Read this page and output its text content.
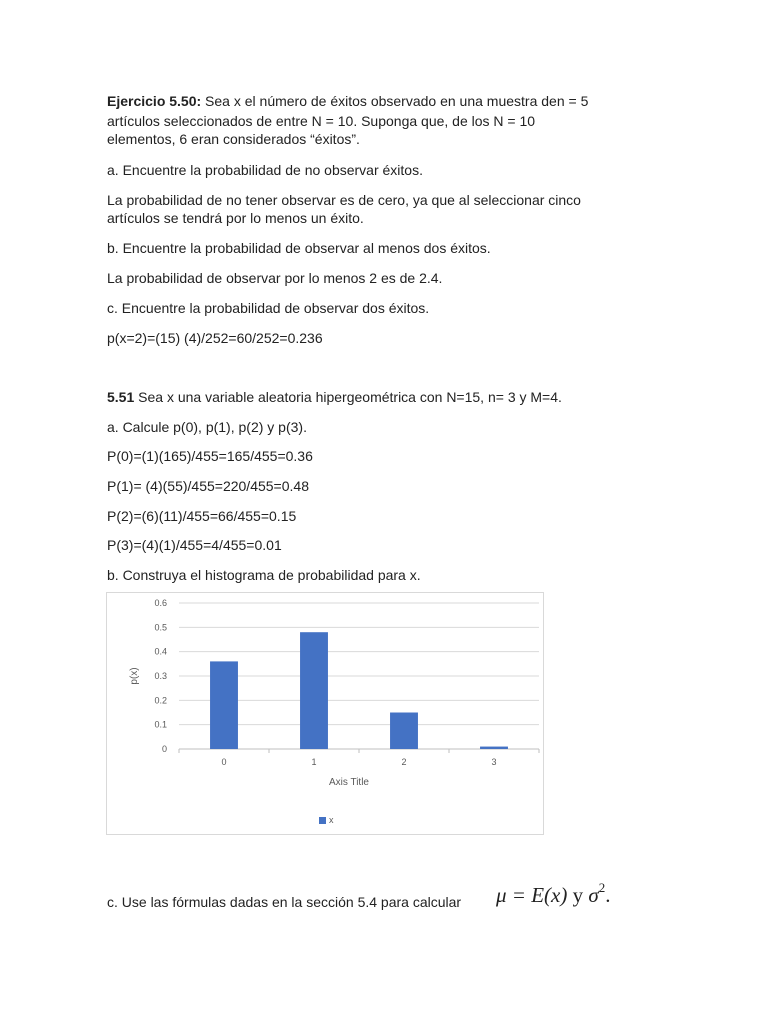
Ejercicio 5.50: Sea x el número de éxitos observado en una muestra den = 5

artículos seleccionados de entre N = 10. Suponga que, de los N = 10

elementos, 6 eran considerados “éxitos”.

a. Encuentre la probabilidad de no observar éxitos.

La probabilidad de no tener observar es de cero, ya que al seleccionar cinco

artículos se tendrá por lo menos un éxito.

b. Encuentre la probabilidad de observar al menos dos éxitos.

La probabilidad de observar por lo menos 2 es de 2.4.

c. Encuentre la probabilidad de observar dos éxitos.

p(x=2)=(15) (4)/252=60/252=0.236

5.51 Sea x una variable aleatoria hipergeométrica con N=15, n= 3 y M=4.

a. Calcule p(0), p(1), p(2) y p(3).

P(0)=(1)(165)/455=165/455=0.36

P(1)= (4)(55)/455=220/455=0.48

P(2)=(6)(11)/455=66/455=0.15

P(3)=(4)(1)/455=4/455=0.01

b. Construya el histograma de probabilidad para x.

0
0.1
0.2
0.3
0.4
0.5
0.6
0	1	2	3
Axis Title
p(x)
x

c. Use las fórmulas dadas en la sección 5.4 para calcular μ = E(x) y $\sigma^2$.
